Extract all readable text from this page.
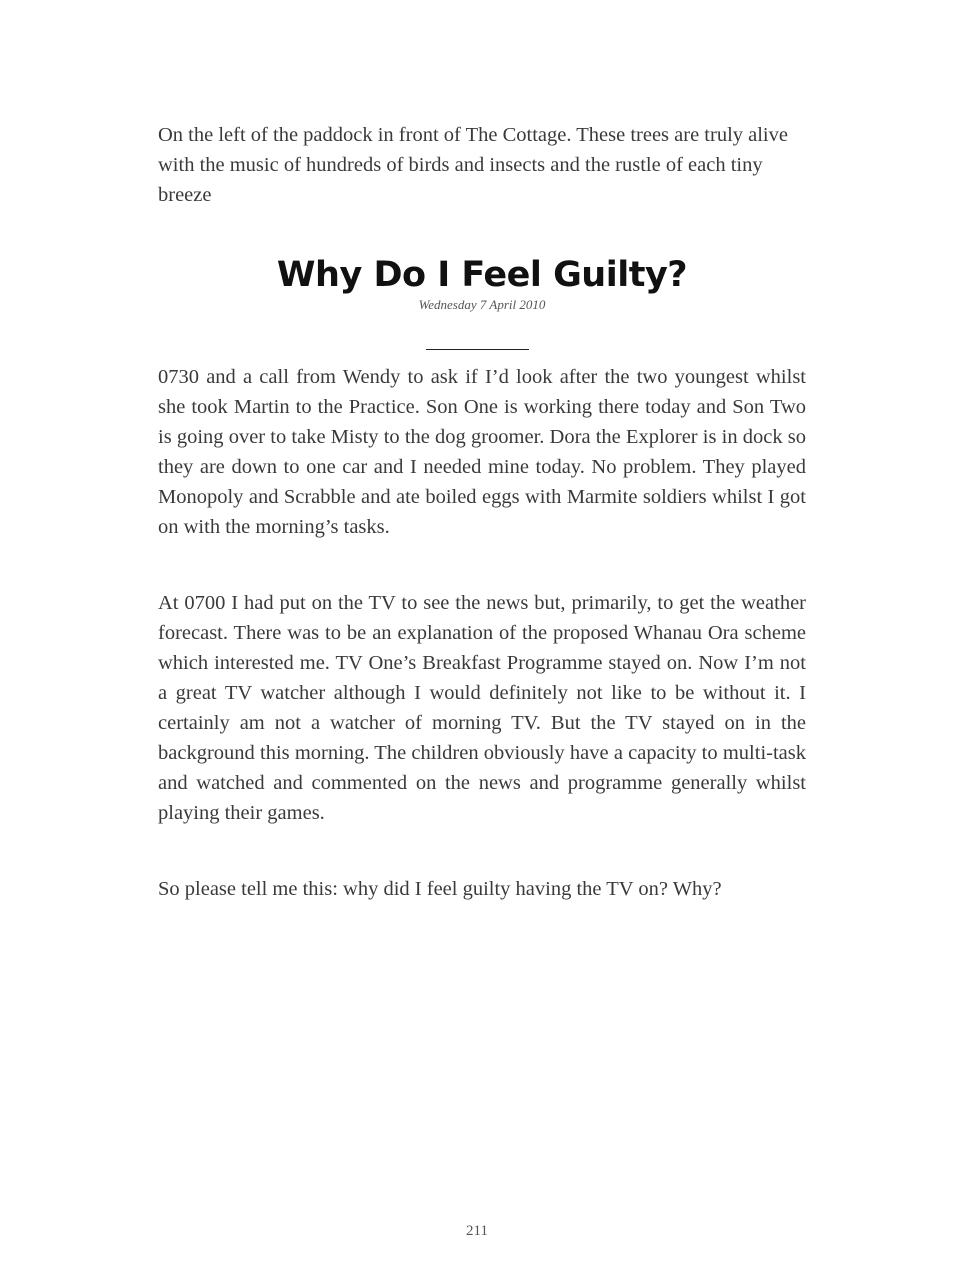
On the left of the paddock in front of The Cottage. These trees are truly alive with the music of hundreds of birds and insects and the rustle of each tiny breeze

Why Do I Feel Guilty?
Wednesday 7 April 2010

0730 and a call from Wendy to ask if I’d look after the two youngest whilst she took Martin to the Practice. Son One is working there today and Son Two is going over to take Misty to the dog groomer. Dora the Explorer is in dock so they are down to one car and I needed mine today. No problem. They played Monopoly and Scrabble and ate boiled eggs with Marmite soldiers whilst I got on with the morning’s tasks.

At 0700 I had put on the TV to see the news but, primarily, to get the weather forecast. There was to be an explanation of the proposed Whanau Ora scheme which interested me. TV One’s Breakfast Programme stayed on. Now I’m not a great TV watcher although I would definitely not like to be without it. I certainly am not a watcher of morning TV. But the TV stayed on in the background this morning. The children obviously have a capacity to multi-task and watched and commented on the news and programme generally whilst playing their games.

So please tell me this: why did I feel guilty having the TV on? Why?

211
